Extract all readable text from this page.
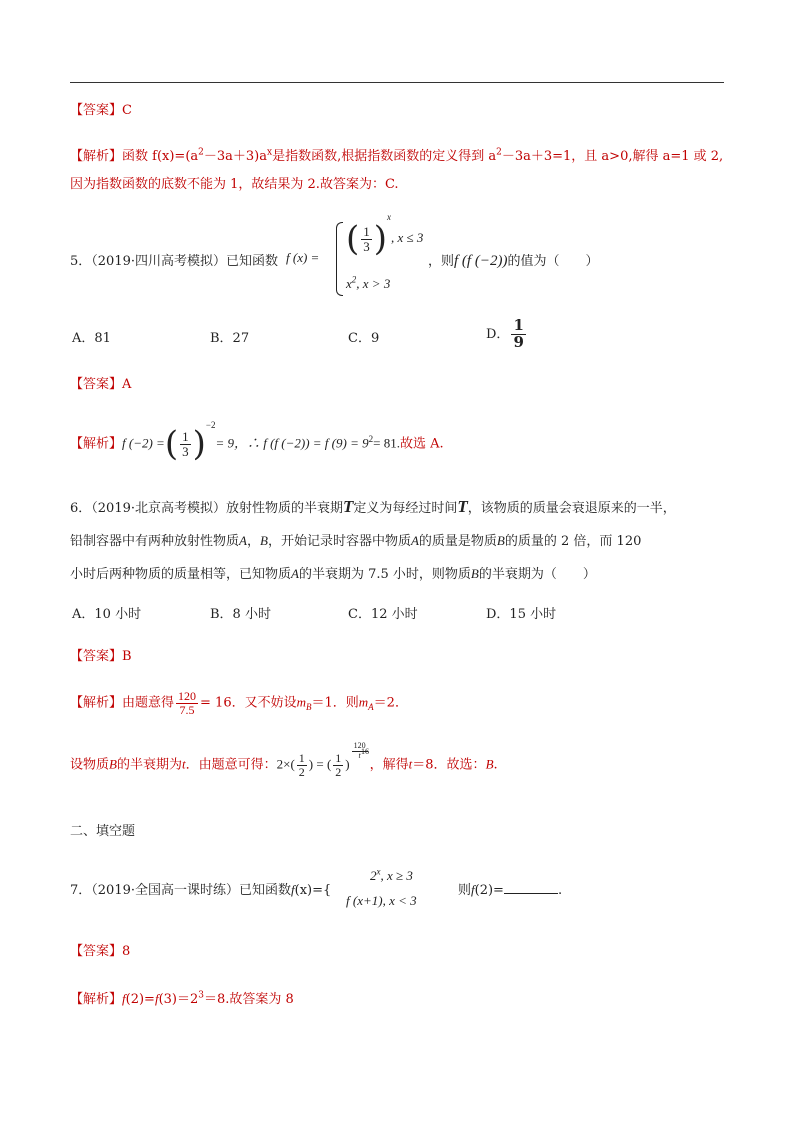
【答案】C
【解析】函数 $f(x)=(a^2-3a+3)a^x$是指数函数,根据指数函数的定义得到 $a^2-3a+3=1$，且 a>0,解得 a=1 或 2,
因为指数函数的底数不能为 1，故结果为 2.故答案为：C.
5．（2019·四川高考模拟）已知函数 f (x) = ( $\frac{1}{3} )^x$, x ≤ 3
$x^2$, x > 3
，则f (f (−2))的值为（　　）
A．81	B．27	C．9	D． $\frac{1}{9}$
【答案】A
【解析】f (−2) =( $\frac{1}{3} )^{-2}= 9$，∴ f (f (−2)) = f $(9) = 9^2= 81$.故选 A.
6．（2019·北京高考模拟）放射性物质的半衰期T定义为每经过时间T，该物质的质量会衰退原来的一半，
铅制容器中有两种放射性物质A，B，开始记录时容器中物质A的质量是物质B的质量的 2 倍，而 120
小时后两种物质的质量相等，已知物质A的半衰期为 7.5 小时，则物质B的半衰期为（　　）
A．10 小时	B．8 小时	C．12 小时	D．15 小时
【答案】B
【解析】由题意得 $\frac{120}{7.5} = 16$．又不妨设$m_B=1$．则$m_A=2$．
设物质B的半衰期为t．由题意可得：$2\times( \frac{1}{2}$ ) = ( $\frac{1}{2}$ )
$\frac{120}{t}$
，解得t＝8．故选：B.
16
二、填空题
7．（2019·全国高一课时练）已知函数f(x)={
2$^x$, x ≥ 3
f (x+1), x < 3
则f(2)=	.
【答案】8
【解析】$f(2)=f(3)=2^3=8$.故答案为 8
